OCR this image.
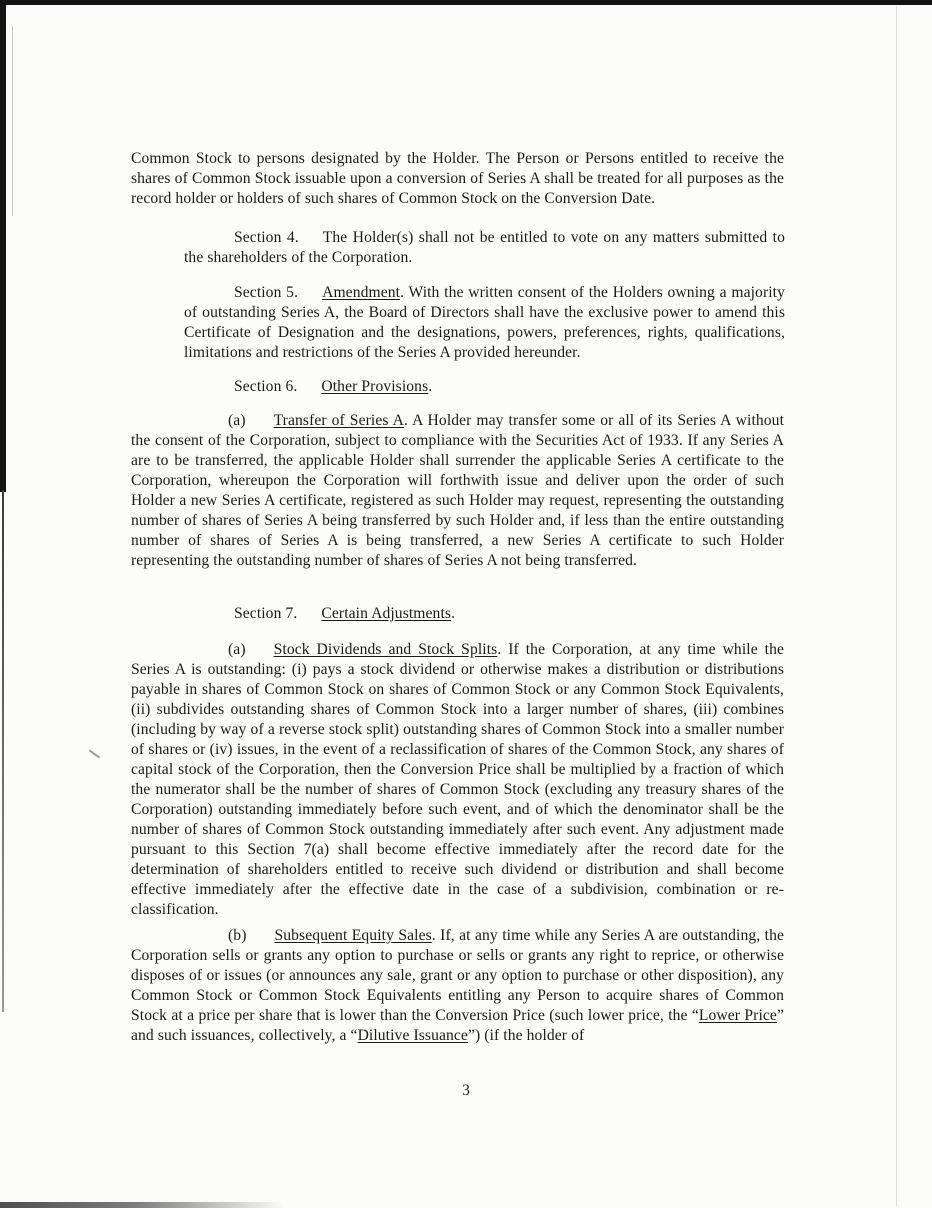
Common Stock to persons designated by the Holder. The Person or Persons entitled to receive the shares of Common Stock issuable upon a conversion of Series A shall be treated for all purposes as the record holder or holders of such shares of Common Stock on the Conversion Date.

Section 4. The Holder(s) shall not be entitled to vote on any matters submitted to the shareholders of the Corporation.

Section 5. Amendment. With the written consent of the Holders owning a majority of outstanding Series A, the Board of Directors shall have the exclusive power to amend this Certificate of Designation and the designations, powers, preferences, rights, qualifications, limitations and restrictions of the Series A provided hereunder.

Section 6. Other Provisions.

(a) Transfer of Series A. A Holder may transfer some or all of its Series A without the consent of the Corporation, subject to compliance with the Securities Act of 1933. If any Series A are to be transferred, the applicable Holder shall surrender the applicable Series A certificate to the Corporation, whereupon the Corporation will forthwith issue and deliver upon the order of such Holder a new Series A certificate, registered as such Holder may request, representing the outstanding number of shares of Series A being transferred by such Holder and, if less than the entire outstanding number of shares of Series A is being transferred, a new Series A certificate to such Holder representing the outstanding number of shares of Series A not being transferred.

Section 7. Certain Adjustments.

(a) Stock Dividends and Stock Splits. If the Corporation, at any time while the Series A is outstanding: (i) pays a stock dividend or otherwise makes a distribution or distributions payable in shares of Common Stock on shares of Common Stock or any Common Stock Equivalents, (ii) subdivides outstanding shares of Common Stock into a larger number of shares, (iii) combines (including by way of a reverse stock split) outstanding shares of Common Stock into a smaller number of shares or (iv) issues, in the event of a reclassification of shares of the Common Stock, any shares of capital stock of the Corporation, then the Conversion Price shall be multiplied by a fraction of which the numerator shall be the number of shares of Common Stock (excluding any treasury shares of the Corporation) outstanding immediately before such event, and of which the denominator shall be the number of shares of Common Stock outstanding immediately after such event. Any adjustment made pursuant to this Section 7(a) shall become effective immediately after the record date for the determination of shareholders entitled to receive such dividend or distribution and shall become effective immediately after the effective date in the case of a subdivision, combination or re-classification.

(b) Subsequent Equity Sales. If, at any time while any Series A are outstanding, the Corporation sells or grants any option to purchase or sells or grants any right to reprice, or otherwise disposes of or issues (or announces any sale, grant or any option to purchase or other disposition), any Common Stock or Common Stock Equivalents entitling any Person to acquire shares of Common Stock at a price per share that is lower than the Conversion Price (such lower price, the “Lower Price” and such issuances, collectively, a “Dilutive Issuance”) (if the holder of

3
